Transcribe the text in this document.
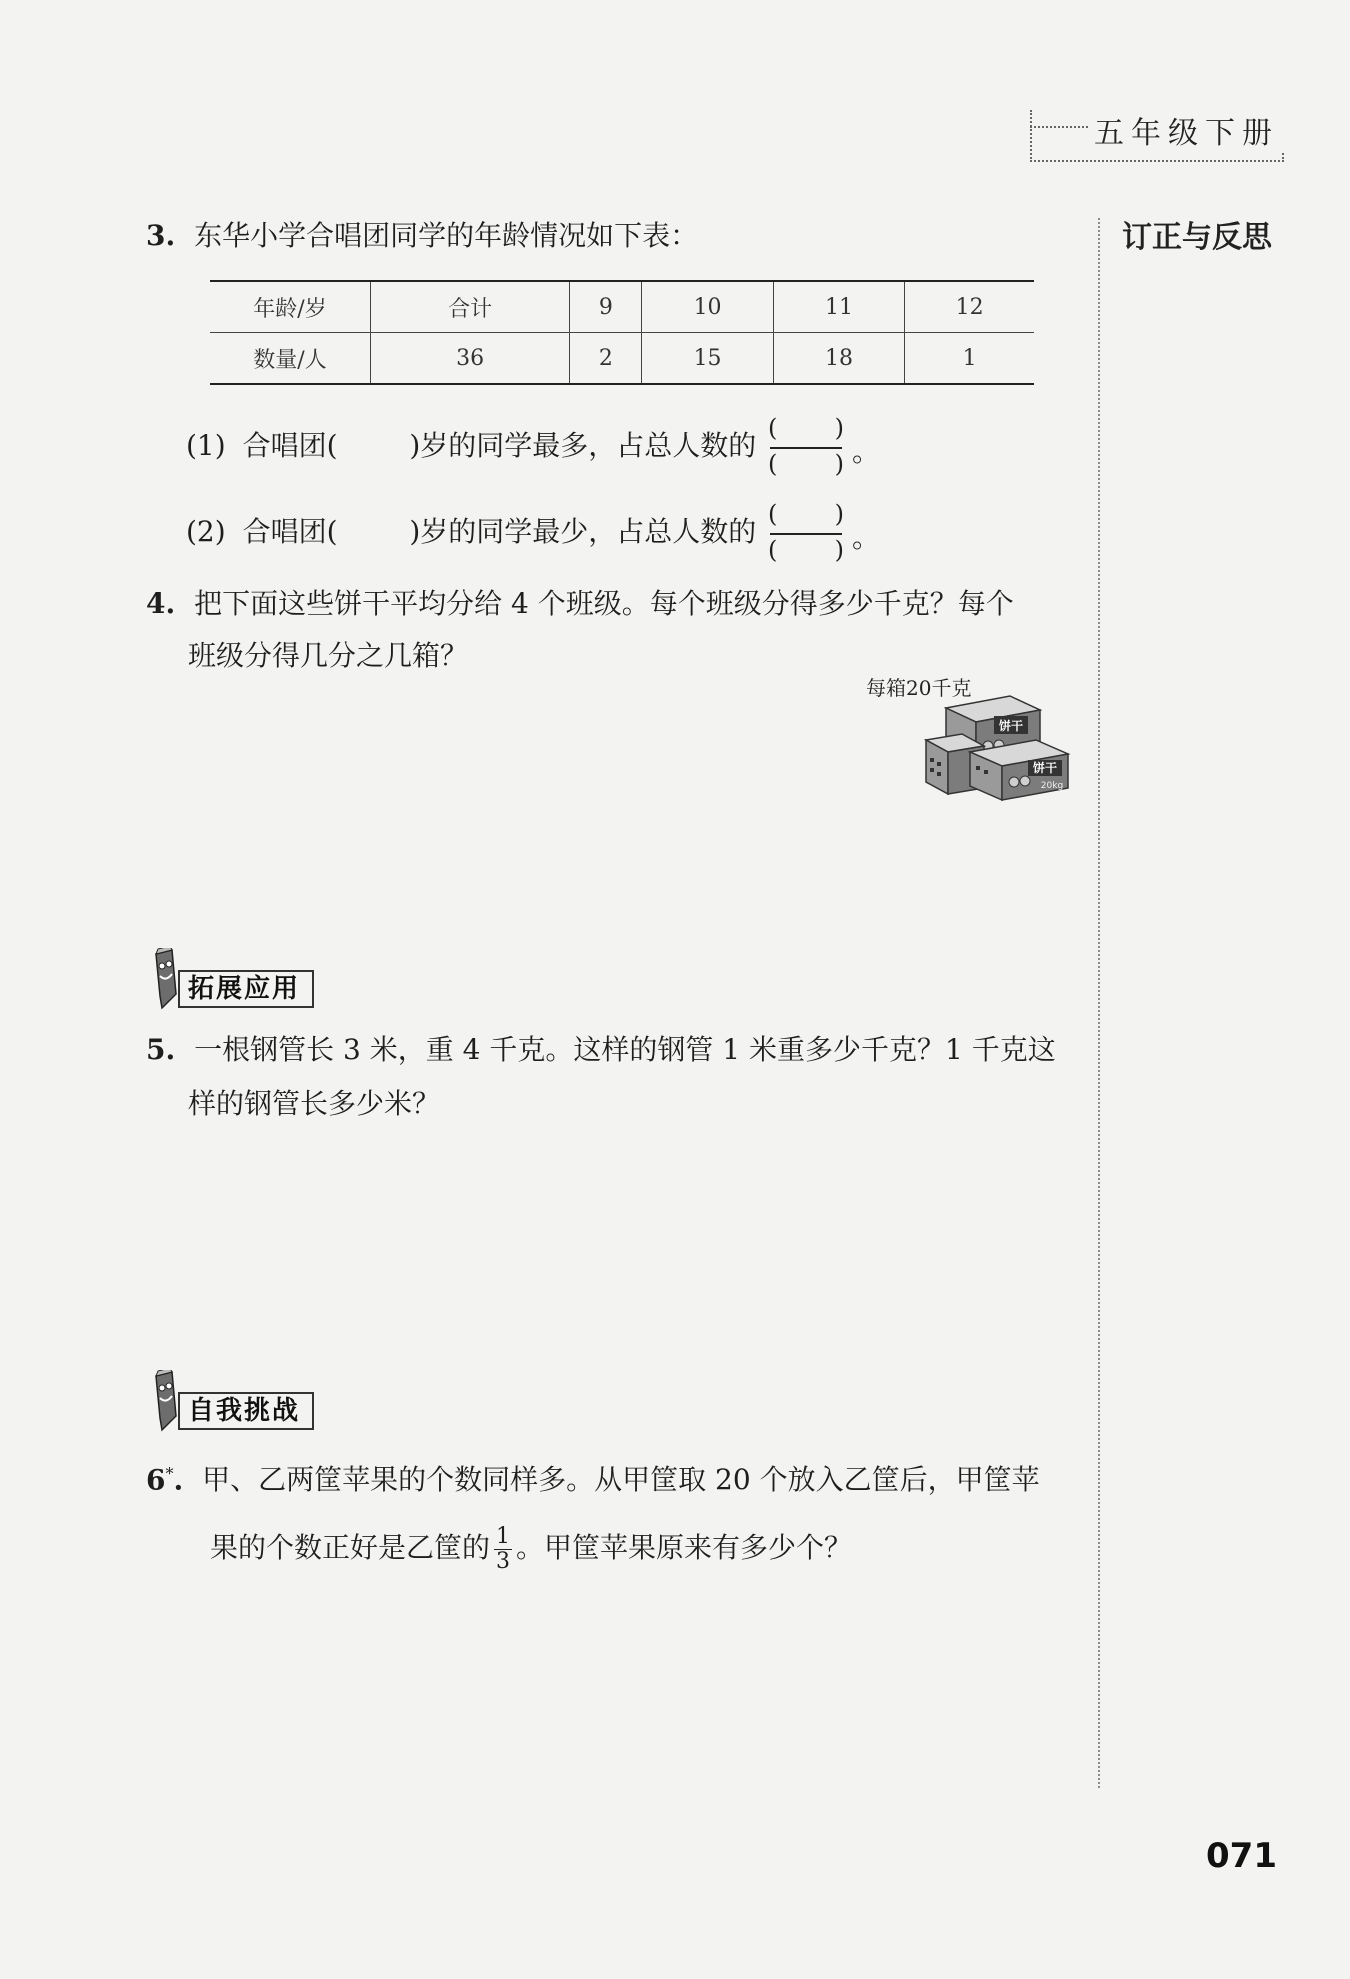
五年级下册
订正与反思
3. 东华小学合唱团同学的年龄情况如下表：
年龄/岁	合计	9	10	11	12
数量/人	36	2	15	18	1
(1) 合唱团(	)岁的同学最多，占总人数的
( )
( ) 。
(2) 合唱团(	)岁的同学最少，占总人数的
( )
( ) 。
4. 把下面这些饼干平均分给 4 个班级。每个班级分得多少千克？每个
班级分得几分之几箱？
每箱20千克
饼干
饼干
20kg
拓展应用
5. 一根钢管长 3 米，重 4 千克。这样的钢管 1 米重多少千克？1 千克这
样的钢管长多少米？
自我挑战
6*. 甲、乙两筐苹果的个数同样多。从甲筐取 20 个放入乙筐后，甲筐苹
果的个数正好是乙筐的 $\frac{1}{3}$ 。甲筐苹果原来有多少个？
071
